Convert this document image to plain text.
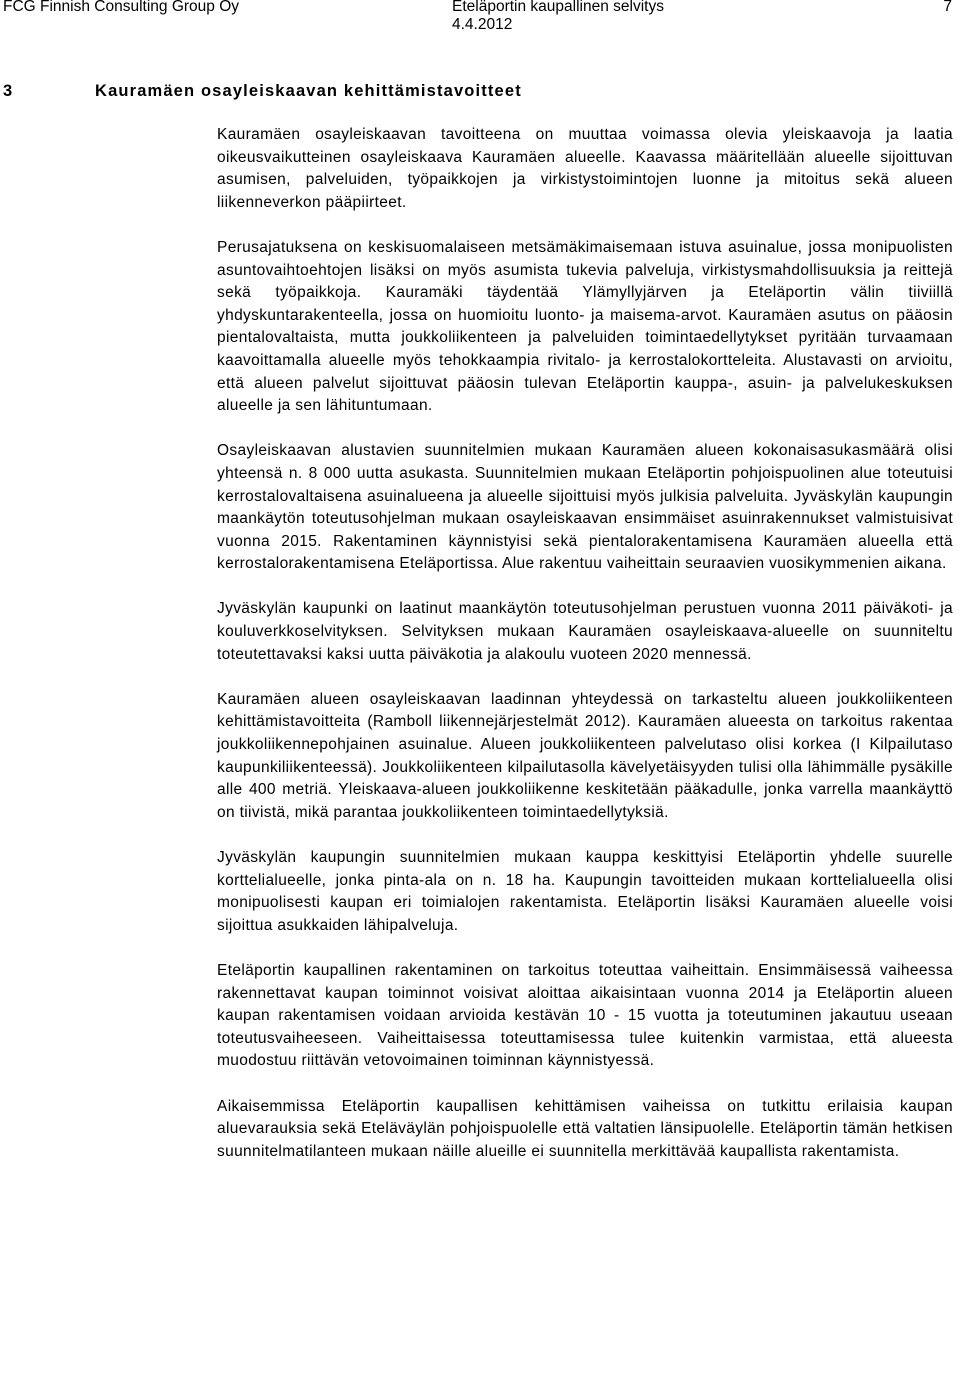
FCG Finnish Consulting Group Oy	Eteläportin kaupallinen selvitys
4.4.2012
7
3	Kauramäen osayleiskaavan kehittämistavoitteet

Kauramäen osayleiskaavan tavoitteena on muuttaa voimassa olevia yleiskaavoja ja laatia oikeusvaikutteinen osayleiskaava Kauramäen alueelle. Kaavassa määritellään alueelle sijoittuvan asumisen, palveluiden, työpaikkojen ja virkistystoimintojen luonne ja mitoitus sekä alueen liikenneverkon pääpiirteet.

Perusajatuksena on keskisuomalaiseen metsämäkimaisemaan istuva asuinalue, jossa monipuolisten asuntovaihtoehtojen lisäksi on myös asumista tukevia palveluja, virkistysmahdollisuuksia ja reittejä sekä työpaikkoja. Kauramäki täydentää Ylämyllyjärven ja Eteläportin välin tiiviillä yhdyskuntarakenteella, jossa on huomioitu luonto- ja maisema-arvot. Kauramäen asutus on pääosin pientalovaltaista, mutta joukkoliikenteen ja palveluiden toimintaedellytykset pyritään turvaamaan kaavoittamalla alueelle myös tehokkaampia rivitalo- ja kerrostalokortteleita. Alustavasti on arvioitu, että alueen palvelut sijoittuvat pääosin tulevan Eteläportin kauppa-, asuin- ja palvelukeskuksen alueelle ja sen lähituntumaan.

Osayleiskaavan alustavien suunnitelmien mukaan Kauramäen alueen kokonaisasukasmäärä olisi yhteensä n. 8 000 uutta asukasta. Suunnitelmien mukaan Eteläportin pohjoispuolinen alue toteutuisi kerrostalovaltaisena asuinalueena ja alueelle sijoittuisi myös julkisia palveluita. Jyväskylän kaupungin maankäytön toteutusohjelman mukaan osayleiskaavan ensimmäiset asuinrakennukset valmistuisivat vuonna 2015. Rakentaminen käynnistyisi sekä pientalorakentamisena Kauramäen alueella että kerrostalorakentamisena Eteläportissa. Alue rakentuu vaiheittain seuraavien vuosikymmenien aikana.

Jyväskylän kaupunki on laatinut maankäytön toteutusohjelman perustuen vuonna 2011 päiväkoti- ja kouluverkkoselvityksen. Selvityksen mukaan Kauramäen osayleiskaava-alueelle on suunniteltu toteutettavaksi kaksi uutta päiväkotia ja alakoulu vuoteen 2020 mennessä.

Kauramäen alueen osayleiskaavan laadinnan yhteydessä on tarkasteltu alueen joukkoliikenteen kehittämistavoitteita (Ramboll liikennejärjestelmät 2012). Kauramäen alueesta on tarkoitus rakentaa joukkoliikennepohjainen asuinalue. Alueen joukkoliikenteen palvelutaso olisi korkea (I Kilpailutaso kaupunkiliikenteessä). Joukkoliikenteen kilpailutasolla kävelyetäisyyden tulisi olla lähimmälle pysäkille alle 400 metriä. Yleiskaava-alueen joukkoliikenne keskitetään pääkadulle, jonka varrella maankäyttö on tiivistä, mikä parantaa joukkoliikenteen toimintaedellytyksiä.

Jyväskylän kaupungin suunnitelmien mukaan kauppa keskittyisi Eteläportin yhdelle suurelle korttelialueelle, jonka pinta-ala on n. 18 ha. Kaupungin tavoitteiden mukaan korttelialueella olisi monipuolisesti kaupan eri toimialojen rakentamista. Eteläportin lisäksi Kauramäen alueelle voisi sijoittua asukkaiden lähipalveluja.

Eteläportin kaupallinen rakentaminen on tarkoitus toteuttaa vaiheittain. Ensimmäisessä vaiheessa rakennettavat kaupan toiminnot voisivat aloittaa aikaisintaan vuonna 2014 ja Eteläportin alueen kaupan rakentamisen voidaan arvioida kestävän 10 - 15 vuotta ja toteutuminen jakautuu useaan toteutusvaiheeseen. Vaiheittaisessa toteuttamisessa tulee kuitenkin varmistaa, että alueesta muodostuu riittävän vetovoimainen toiminnan käynnistyessä.

Aikaisemmissa Eteläportin kaupallisen kehittämisen vaiheissa on tutkittu erilaisia kaupan aluevarauksia sekä Eteläväylän pohjoispuolelle että valtatien länsipuolelle. Eteläportin tämän hetkisen suunnitelmatilanteen mukaan näille alueille ei suunnitella merkittävää kaupallista rakentamista.
